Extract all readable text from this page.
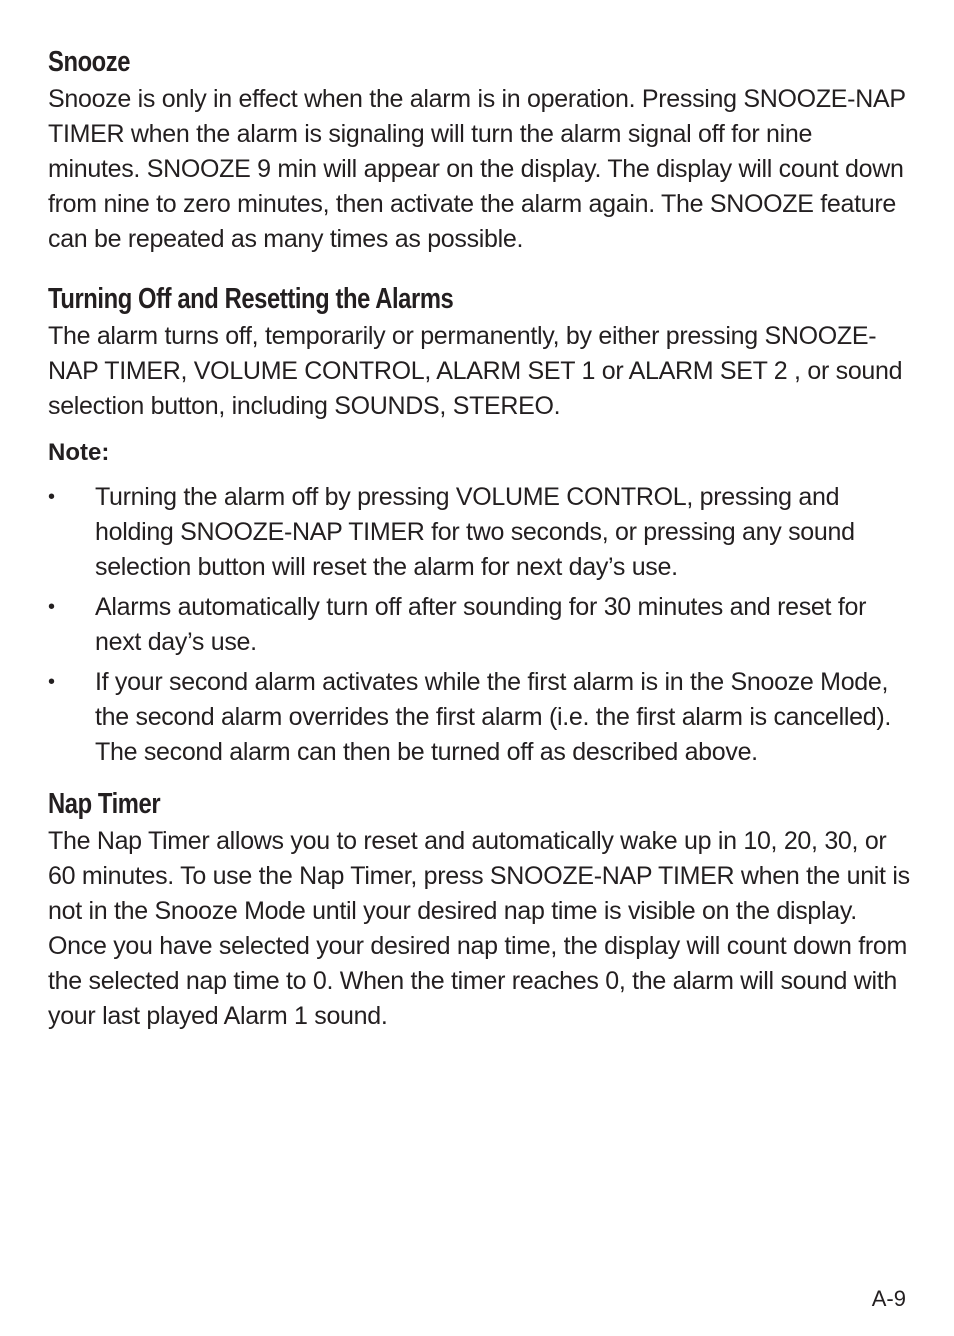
Snooze

Snooze is only in effect when the alarm is in operation. Pressing SNOOZE-NAP TIMER when the alarm is signaling will turn the alarm signal off for nine minutes. SNOOZE 9 min will appear on the display. The display will count down from nine to zero minutes, then activate the alarm again. The SNOOZE feature can be repeated as many times as possible.

Turning Off and Resetting the Alarms

The alarm turns off, temporarily or permanently, by either pressing SNOOZE-NAP TIMER, VOLUME CONTROL, ALARM SET 1 or ALARM SET 2 , or sound selection button, including SOUNDS, STEREO.

Note:
•	Turning the alarm off by pressing VOLUME CONTROL, pressing and holding SNOOZE-NAP TIMER for two seconds, or pressing any sound selection button will reset the alarm for next day’s use.
•	Alarms automatically turn off after sounding for 30 minutes and reset for next day’s use.
•	If your second alarm activates while the first alarm is in the Snooze Mode, the second alarm overrides the first alarm (i.e. the first alarm is cancelled). The second alarm can then be turned off as described above.
Nap Timer

The Nap Timer allows you to reset and automatically wake up in 10, 20, 30, or 60 minutes. To use the Nap Timer, press SNOOZE-NAP TIMER when the unit is not in the Snooze Mode until your desired nap time is visible on the display. Once you have selected your desired nap time, the display will count down from the selected nap time to 0. When the timer reaches 0, the alarm will sound with your last played Alarm 1 sound.

A-9
